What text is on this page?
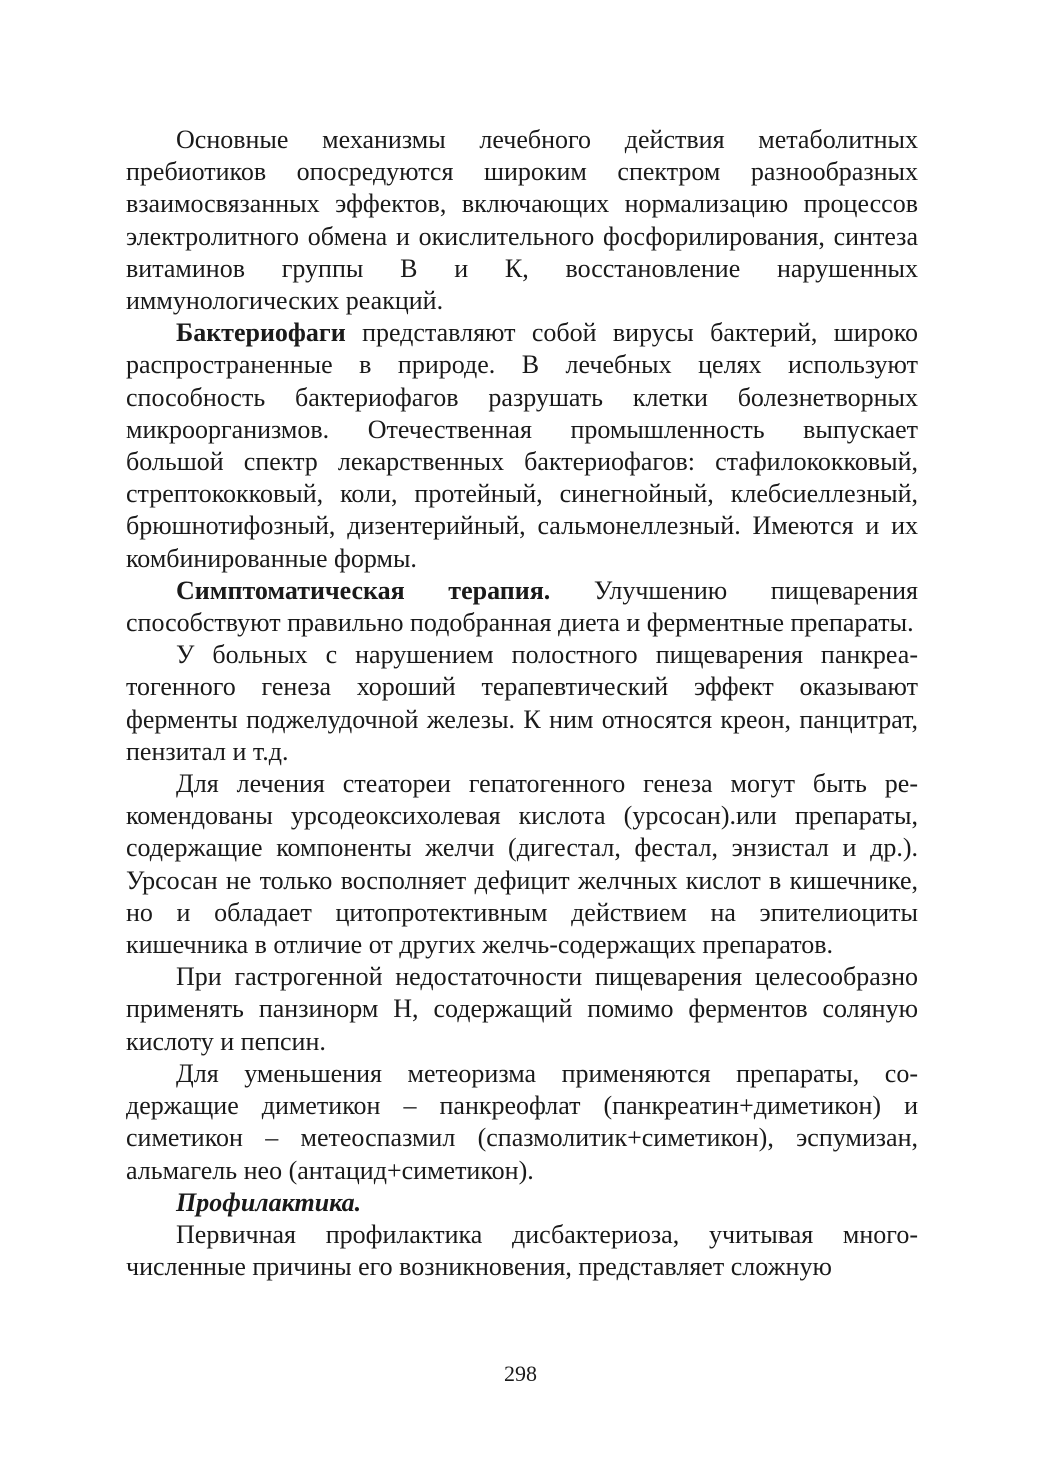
Основные механизмы лечебного действия метаболитных пребиотиков опосредуются широким спектром разнообразных взаимосвязанных эффектов, включающих нормализацию процессов электролитного обмена и окислительного фосфорилирования, синтеза витаминов группы В и К, восстановление нарушенных иммунологических реакций.

Бактериофаги представляют собой вирусы бактерий, широко распространенные в природе. В лечебных целях используют способность бактериофагов разрушать клетки болезнетворных микроорганизмов. Отечественная промышленность выпускает большой спектр лекарственных бактериофагов: стафилококковый, стрептококковый, коли, протейный, синегнойный, клебсиеллезный, брюшнотифозный, дизентерийный, сальмонеллезный. Имеются и их комбинированные формы.

Симптоматическая терапия. Улучшению пищеварения способствуют правильно подобранная диета и ферментные препараты.

У больных с нарушением полостного пищеварения панкреатогенного генеза хороший терапевтический эффект оказывают ферменты поджелудочной железы. К ним относятся креон, панцитрат, пензитал и т.д.

Для лечения стеатореи гепатогенного генеза могут быть рекомендованы урсодеоксихолевая кислота (урсосан).или препараты, содержащие компоненты желчи (дигестал, фестал, энзистал и др.). Урсосан не только восполняет дефицит желчных кислот в кишечнике, но и обладает цитопротективным действием на эпителиоциты кишечника в отличие от других желчь-содержащих препаратов.

При гастрогенной недостаточности пищеварения целесообразно применять панзинорм Н, содержащий помимо ферментов соляную кислоту и пепсин.

Для уменьшения метеоризма применяются препараты, содержащие диметикон – панкреофлат (панкреатин+диметикон) и симетикон – метеоспазмил (спазмолитик+симетикон), эспумизан, альмагель нео (антацид+симетикон).

Профилактика.

Первичная профилактика дисбактериоза, учитывая многочисленные причины его возникновения, представляет сложную

298
